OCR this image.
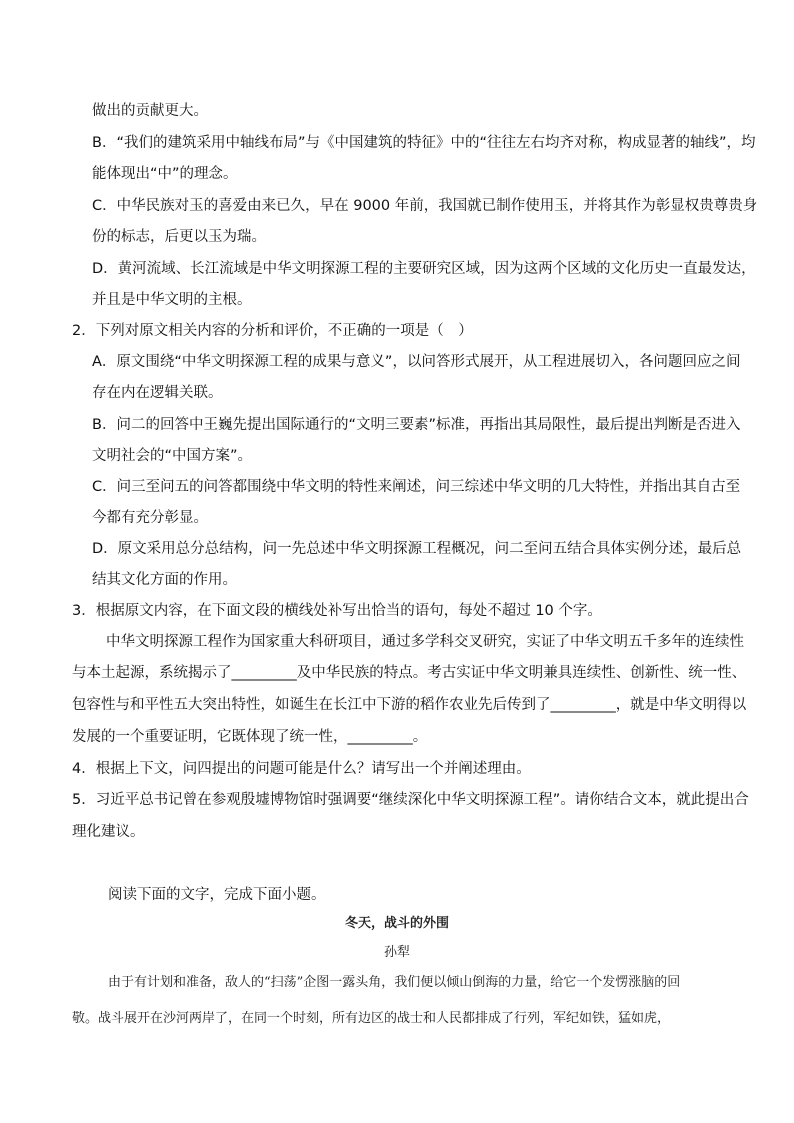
做出的贡献更大。
B．“我们的建筑采用中轴线布局”与《中国建筑的特征》中的“往往左右均齐对称，构成显著的轴线”，均
能体现出“中”的理念。
C．中华民族对玉的喜爱由来已久，早在 9000 年前，我国就已制作使用玉，并将其作为彰显权贵尊贵身
份的标志，后更以玉为瑞。
D．黄河流域、长江流域是中华文明探源工程的主要研究区域，因为这两个区域的文化历史一直最发达，
并且是中华文明的主根。
2．下列对原文相关内容的分析和评价，不正确的一项是（　）
A．原文围绕“中华文明探源工程的成果与意义”，以问答形式展开，从工程进展切入，各问题回应之间
存在内在逻辑关联。
B．问二的回答中王巍先提出国际通行的“文明三要素”标准，再指出其局限性，最后提出判断是否进入
文明社会的“中国方案”。
C．问三至问五的问答都围绕中华文明的特性来阐述，问三综述中华文明的几大特性，并指出其自古至
今都有充分彰显。
D．原文采用总分总结构，问一先总述中华文明探源工程概况，问二至问五结合具体实例分述，最后总
结其文化方面的作用。
3．根据原文内容，在下面文段的横线处补写出恰当的语句，每处不超过 10 个字。
中华文明探源工程作为国家重大科研项目，通过多学科交叉研究，实证了中华文明五千多年的连续性
与本土起源，系统揭示了_________及中华民族的特点。考古实证中华文明兼具连续性、创新性、统一性、
包容性与和平性五大突出特性，如诞生在长江中下游的稻作农业先后传到了_________，就是中华文明得以
发展的一个重要证明，它既体现了统一性，_________。
4．根据上下文，问四提出的问题可能是什么？请写出一个并阐述理由。
5．习近平总书记曾在参观殷墟博物馆时强调要“继续深化中华文明探源工程”。请你结合文本，就此提出合
理化建议。
阅读下面的文字，完成下面小题。
冬天，战斗的外围
孙犁
由于有计划和准备，敌人的“扫荡”企图一露头角，我们便以倾山倒海的力量，给它一个发愣涨脑的回
敬。战斗展开在沙河两岸了，在同一个时刻，所有边区的战士和人民都排成了行列，军纪如铁，猛如虎，
